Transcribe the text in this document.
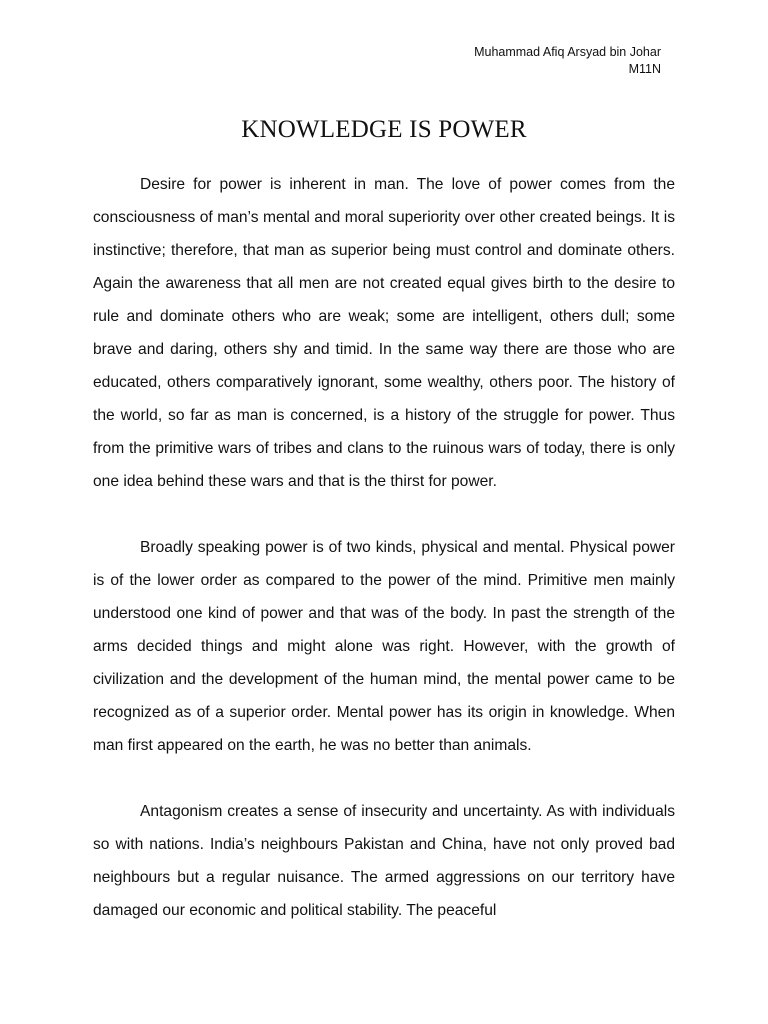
Muhammad Afiq Arsyad bin Johar
M11N
KNOWLEDGE IS POWER

Desire for power is inherent in man. The love of power comes from the consciousness of man’s mental and moral superiority over other created beings. It is instinctive; therefore, that man as superior being must control and dominate others. Again the awareness that all men are not created equal gives birth to the desire to rule and dominate others who are weak; some are intelligent, others dull; some brave and daring, others shy and timid. In the same way there are those who are educated, others comparatively ignorant, some wealthy, others poor. The history of the world, so far as man is concerned, is a history of the struggle for power. Thus from the primitive wars of tribes and clans to the ruinous wars of today, there is only one idea behind these wars and that is the thirst for power.

Broadly speaking power is of two kinds, physical and mental. Physical power is of the lower order as compared to the power of the mind. Primitive men mainly understood one kind of power and that was of the body. In past the strength of the arms decided things and might alone was right. However, with the growth of civilization and the development of the human mind, the mental power came to be recognized as of a superior order. Mental power has its origin in knowledge. When man first appeared on the earth, he was no better than animals.

Antagonism creates a sense of insecurity and uncertainty. As with individuals so with nations. India’s neighbours Pakistan and China, have not only proved bad neighbours but a regular nuisance. The armed aggressions on our territory have damaged our economic and political stability. The peaceful
